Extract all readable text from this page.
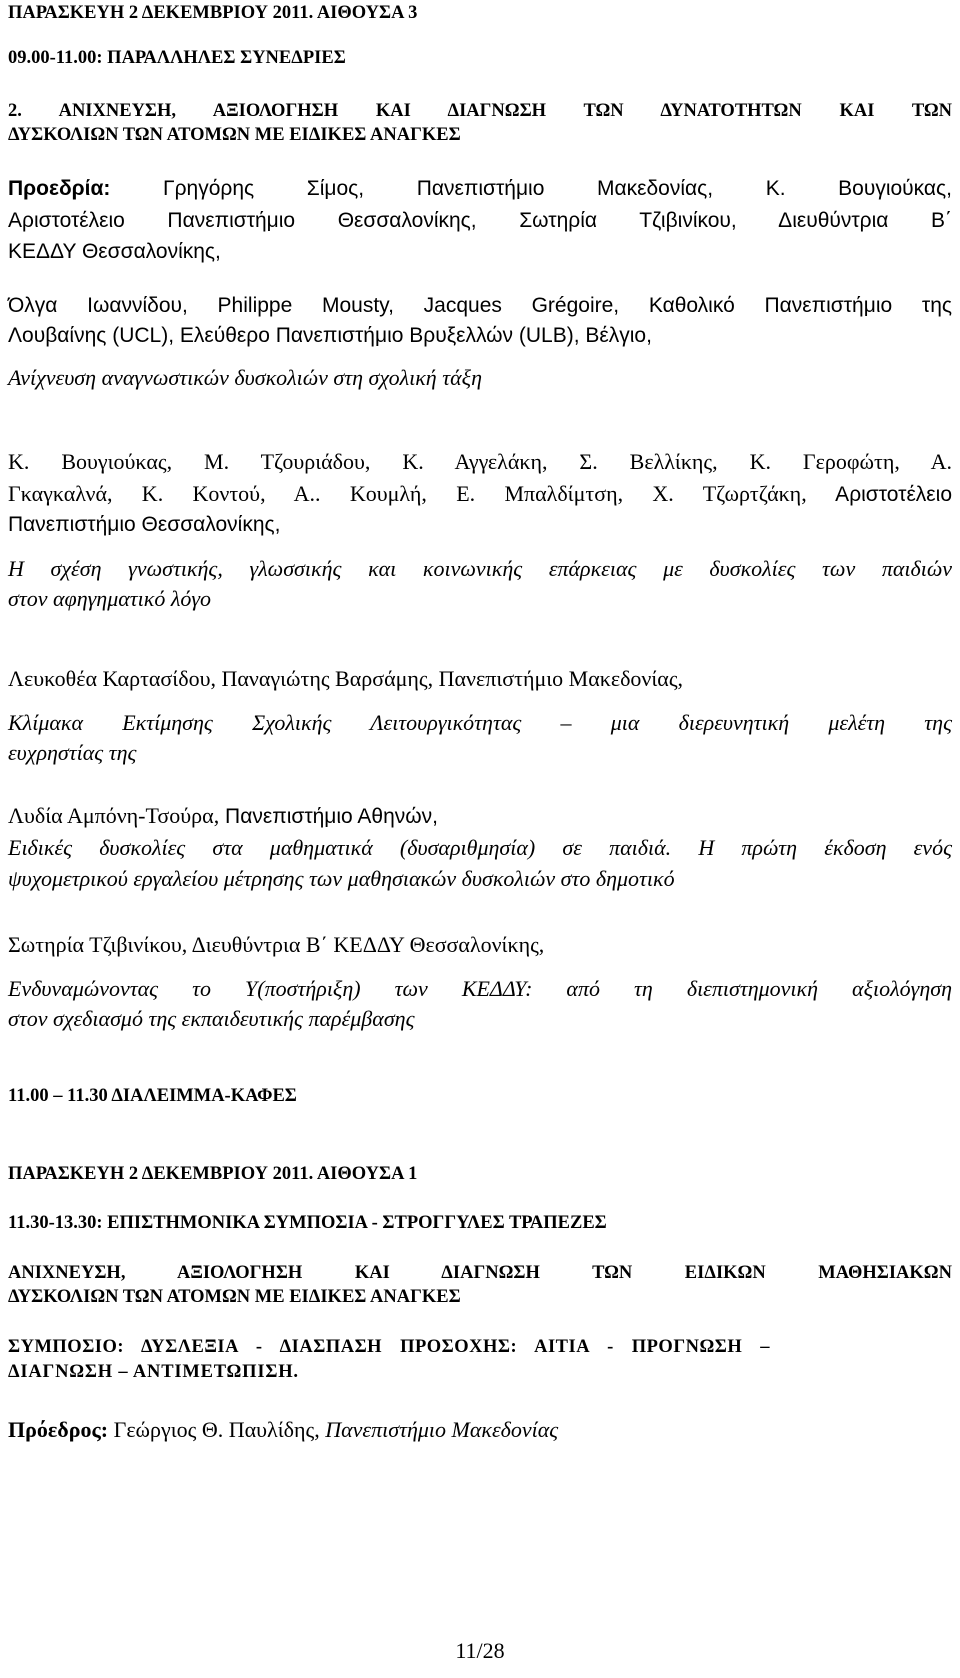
ΠΑΡΑΣΚΕΥΗ 2 ΔΕΚΕΜΒΡΙΟΥ 2011. ΑΙΘΟΥΣΑ 3

09.00-11.00: ΠΑΡΑΛΛΗΛΕΣ ΣΥΝΕΔΡΙΕΣ

2. ΑΝΙΧΝΕΥΣΗ, ΑΞΙΟΛΟΓΗΣΗ ΚΑΙ ΔΙΑΓΝΩΣΗ ΤΩΝ ΔΥΝΑΤΟΤΗΤΩΝ ΚΑΙ ΤΩΝ

ΔΥΣΚΟΛΙΩΝ ΤΩΝ ΑΤΟΜΩΝ ΜΕ ΕΙΔΙΚΕΣ ΑΝΑΓΚΕΣ

Προεδρία:	Γρηγόρης Σίμος, Πανεπιστήμιο Μακεδονίας, Κ. Βουγιούκας,

Αριστοτέλειο Πανεπιστήμιο Θεσσαλονίκης, Σωτηρία Τζιβινίκου, Διευθύντρια Β΄

ΚΕΔΔΥ Θεσσαλονίκης,

Όλγα Ιωαννίδου, Philippe Mousty, Jacques Grégoire, Καθολικό Πανεπιστήμιο της

Λουβαίνης (UCL), Ελεύθερο Πανεπιστήμιο Βρυξελλών (ULB), Βέλγιο,

Ανίχνευση αναγνωστικών δυσκολιών στη σχολική τάξη

Κ. Βουγιούκας, Μ. Τζουριάδου, Κ. Αγγελάκη, Σ. Βελλίκης, Κ. Γεροφώτη, Α.

Γκαγκαλνά, Κ. Κοντού, Α.. Κουμλή, Ε. Μπαλδίμτση, Χ. Τζωρτζάκη, Αριστοτέλειο

Πανεπιστήμιο Θεσσαλονίκης,

Η σχέση γνωστικής, γλωσσικής και κοινωνικής επάρκειας με δυσκολίες των παιδιών

στον αφηγηματικό λόγο

Λευκοθέα Καρτασίδου, Παναγιώτης Βαρσάμης, Πανεπιστήμιο Μακεδονίας,

Κλίμακα Εκτίμησης Σχολικής Λειτουργικότητας – μια διερευνητική μελέτη της

ευχρηστίας της

Λυδία Αμπόνη-Τσούρα, Πανεπιστήμιο Αθηνών,

Ειδικές δυσκολίες στα μαθηματικά (δυσαριθμησία) σε παιδιά. Η πρώτη έκδοση ενός

ψυχομετρικού εργαλείου μέτρησης των μαθησιακών δυσκολιών στο δημοτικό

Σωτηρία Τζιβινίκου, Διευθύντρια Β΄ ΚΕΔΔΥ Θεσσαλονίκης,

Ενδυναμώνοντας το Υ(ποστήριξη) των ΚΕΔΔΥ: από τη διεπιστημονική αξιολόγηση

στον σχεδιασμό της εκπαιδευτικής παρέμβασης

11.00 – 11.30 ΔΙΑΛΕΙΜΜΑ-ΚΑΦΕΣ

ΠΑΡΑΣΚΕΥΗ 2 ΔΕΚΕΜΒΡΙΟΥ 2011. ΑΙΘΟΥΣΑ 1

11.30-13.30: ΕΠΙΣΤΗΜΟΝΙΚΑ ΣΥΜΠΟΣΙΑ - ΣΤΡΟΓΓΥΛΕΣ ΤΡΑΠΕΖΕΣ

ΑΝΙΧΝΕΥΣΗ, ΑΞΙΟΛΟΓΗΣΗ ΚΑΙ ΔΙΑΓΝΩΣΗ ΤΩΝ ΕΙΔΙΚΩΝ ΜΑΘΗΣΙΑΚΩΝ

ΔΥΣΚΟΛΙΩΝ ΤΩΝ ΑΤΟΜΩΝ ΜΕ ΕΙΔΙΚΕΣ ΑΝΑΓΚΕΣ

ΣΥΜΠΟΣΙΟ: ΔΥΣΛΕΞΙΑ - ΔΙΑΣΠΑΣΗ ΠΡΟΣΟΧΗΣ: ΑΙΤΙΑ - ΠΡΟΓΝΩΣΗ –

ΔΙΑΓΝΩΣΗ – ΑΝΤΙΜΕΤΩΠΙΣΗ.

Πρόεδρος: Γεώργιος Θ. Παυλίδης, Πανεπιστήμιο Μακεδονίας

11/28
